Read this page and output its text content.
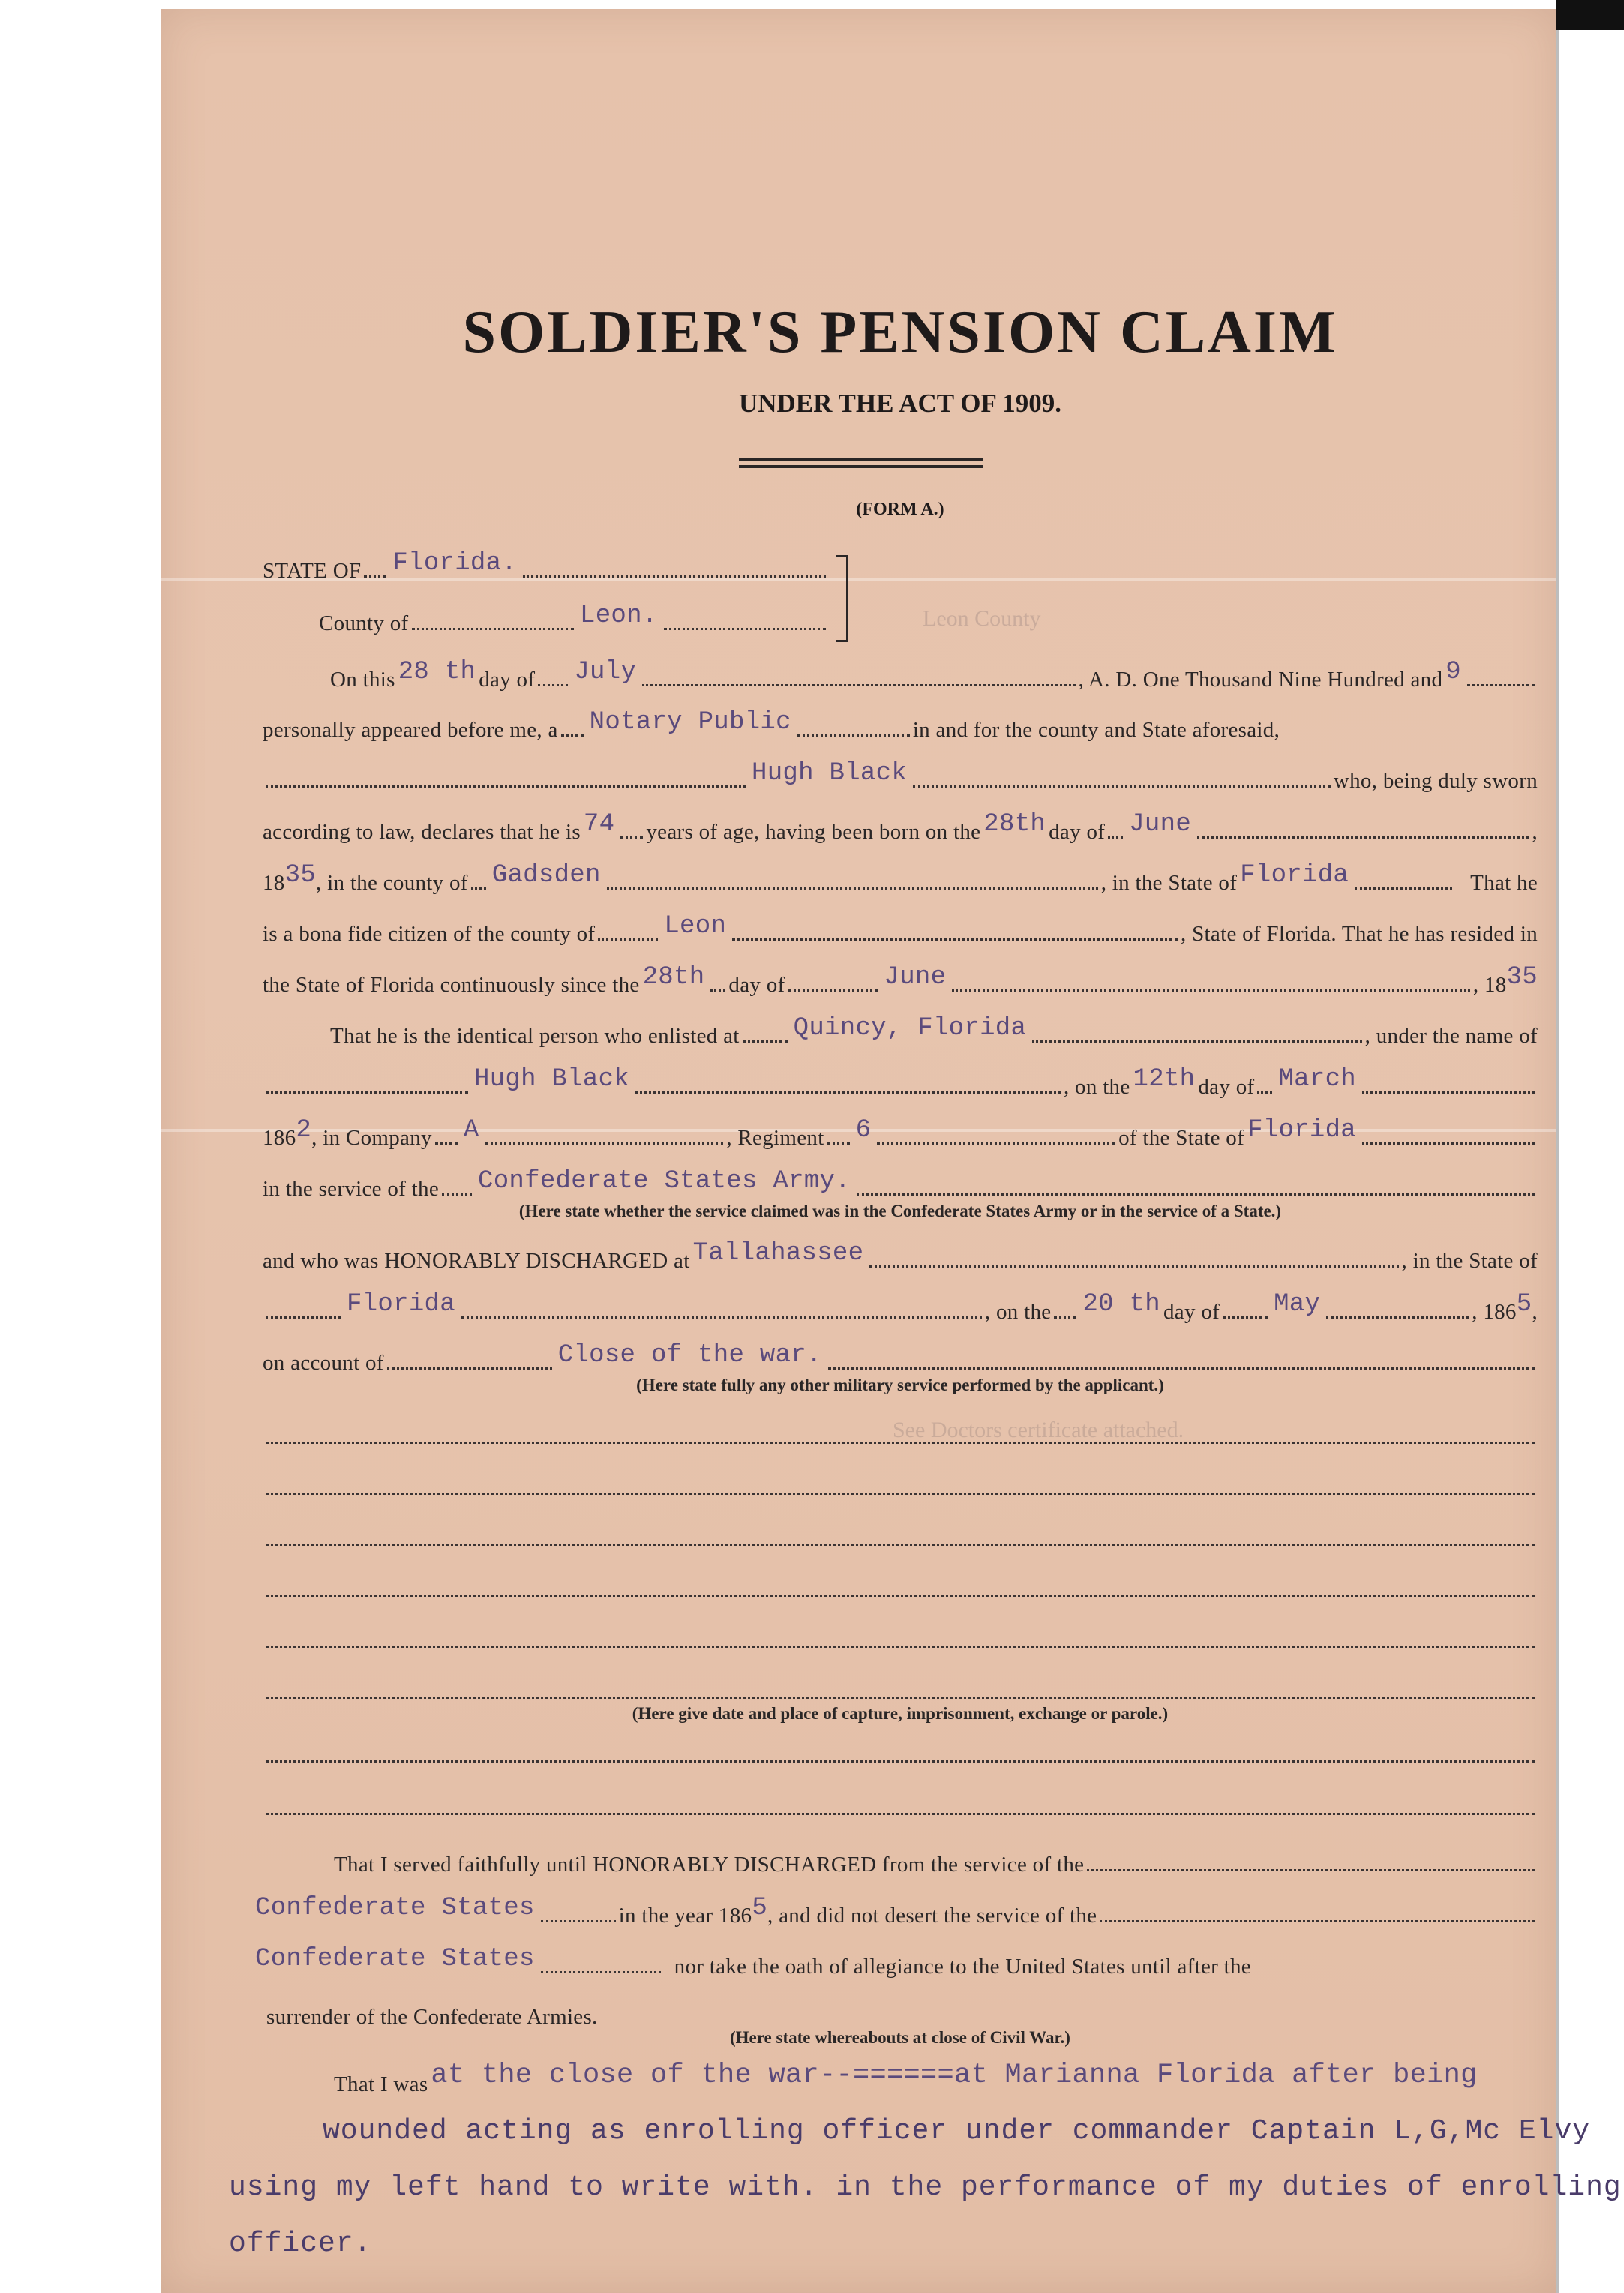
Leon County
See Doctors certificate attached.
SOLDIER'S PENSION CLAIM
UNDER THE ACT OF 1909.
(FORM A.)
STATE OF Florida.
County of	Leon.
On this 28 th day of July	, A. D. One Thousand Nine Hundred and 9
personally appeared before me, a Notary Public	in and for the county and State aforesaid,
Hugh Black	who, being duly sworn
according to law, declares that he is 74 years of age, having been born on the 28th day of June	,
18 35 , in the county of Gadsden	, in the State of Florida	That he
is a bona fide citizen of the county of	Leon	, State of Florida. That he has resided in
the State of Florida continuously since the 28th day of	June	, 18 35
That he is the identical person who enlisted at Quincy, Florida	, under the name of
Hugh Black	, on the 12th day of March
186 2 , in Company A	, Regiment 6	of the State of Florida
in the service of the Confederate States Army.
(Here state whether the service claimed was in the Confederate States Army or in the service of a State.)
and who was HONORABLY DISCHARGED at Tallahassee	, in the State of
Florida	, on the 20 th day of May	, 186 5 ,
on account of	Close of the war.
(Here state fully any other military service performed by the applicant.)
(Here give date and place of capture, imprisonment, exchange or parole.)
That I served faithfully until HONORABLY DISCHARGED from the service of the
Confederate States	in the year 186 5 , and did not desert the service of the
Confederate States	nor take the oath of allegiance to the United States until after the
surrender of the Confederate Armies.
(Here state whereabouts at close of Civil War.)
That I was at the close of the war--======at Marianna Florida after being
wounded acting as enrolling officer under commander Captain L,G,Mc Elvy
using my left hand to write with. in the performance of my duties of enrolling
officer.
